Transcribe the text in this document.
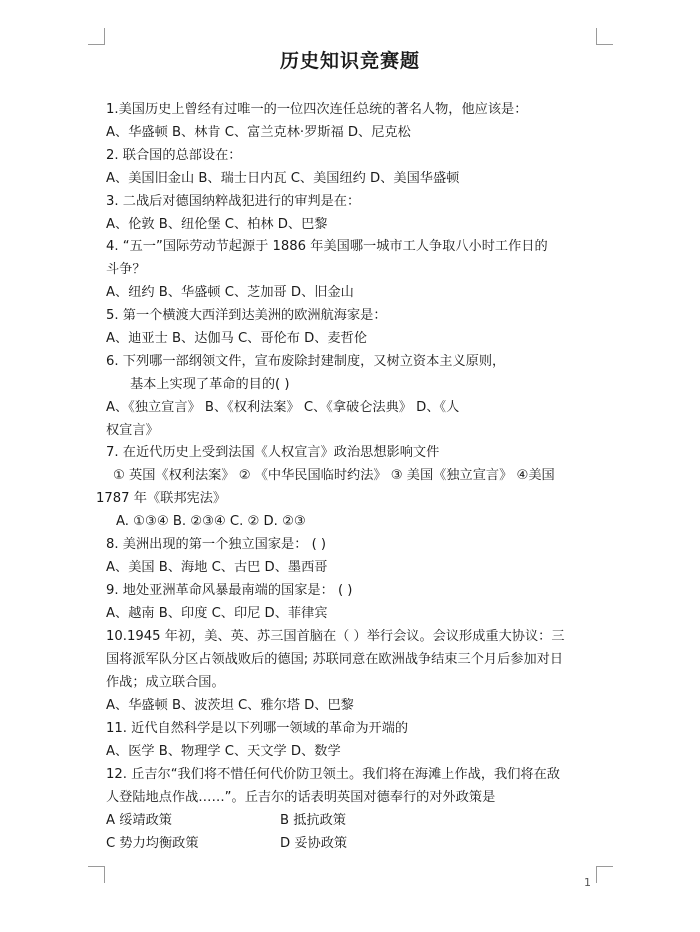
历史知识竞赛题
1.美国历史上曾经有过唯一的一位四次连任总统的著名人物，他应该是：
A、华盛顿 B、林肯 C、富兰克林·罗斯福 D、尼克松
2. 联合国的总部设在：
A、美国旧金山 B、瑞士日内瓦 C、美国纽约 D、美国华盛顿
3. 二战后对德国纳粹战犯进行的审判是在：
A、伦敦 B、纽伦堡 C、柏林 D、巴黎
4. “五一”国际劳动节起源于 1886 年美国哪一城市工人争取八小时工作日的
斗争？
A、纽约 B、华盛顿 C、芝加哥 D、旧金山
5. 第一个横渡大西洋到达美洲的欧洲航海家是：
A、迪亚士 B、达伽马 C、哥伦布 D、麦哲伦
6. 下列哪一部纲领文件，宣布废除封建制度，又树立资本主义原则，
基本上实现了革命的目的( )
A、《独立宣言》 B、《权利法案》 C、《拿破仑法典》 D、《人
权宣言》
7. 在近代历史上受到法国《人权宣言》政治思想影响文件
① 英国《权利法案》 ② 《中华民国临时约法》 ③ 美国《独立宣言》 ④美国
1787 年《联邦宪法》
A. ①③④ B. ②③④ C. ② D. ②③
8. 美洲出现的第一个独立国家是： ( )
A、美国 B、海地 C、古巴 D、墨西哥
9. 地处亚洲革命风暴最南端的国家是： ( )
A、越南 B、印度 C、印尼 D、菲律宾
10.1945 年初，美、英、苏三国首脑在（ ）举行会议。会议形成重大协议：三
国将派军队分区占领战败后的德国; 苏联同意在欧洲战争结束三个月后参加对日
作战；成立联合国。
A、华盛顿 B、波茨坦 C、雅尔塔 D、巴黎
11. 近代自然科学是以下列哪一领域的革命为开端的
A、医学 B、物理学 C、天文学 D、数学
12. 丘吉尔“我们将不惜任何代价防卫领土。我们将在海滩上作战，我们将在敌
人登陆地点作战……”。丘吉尔的话表明英国对德奉行的对外政策是
A 绥靖政策	B 抵抗政策
C 势力均衡政策	D 妥协政策
1
